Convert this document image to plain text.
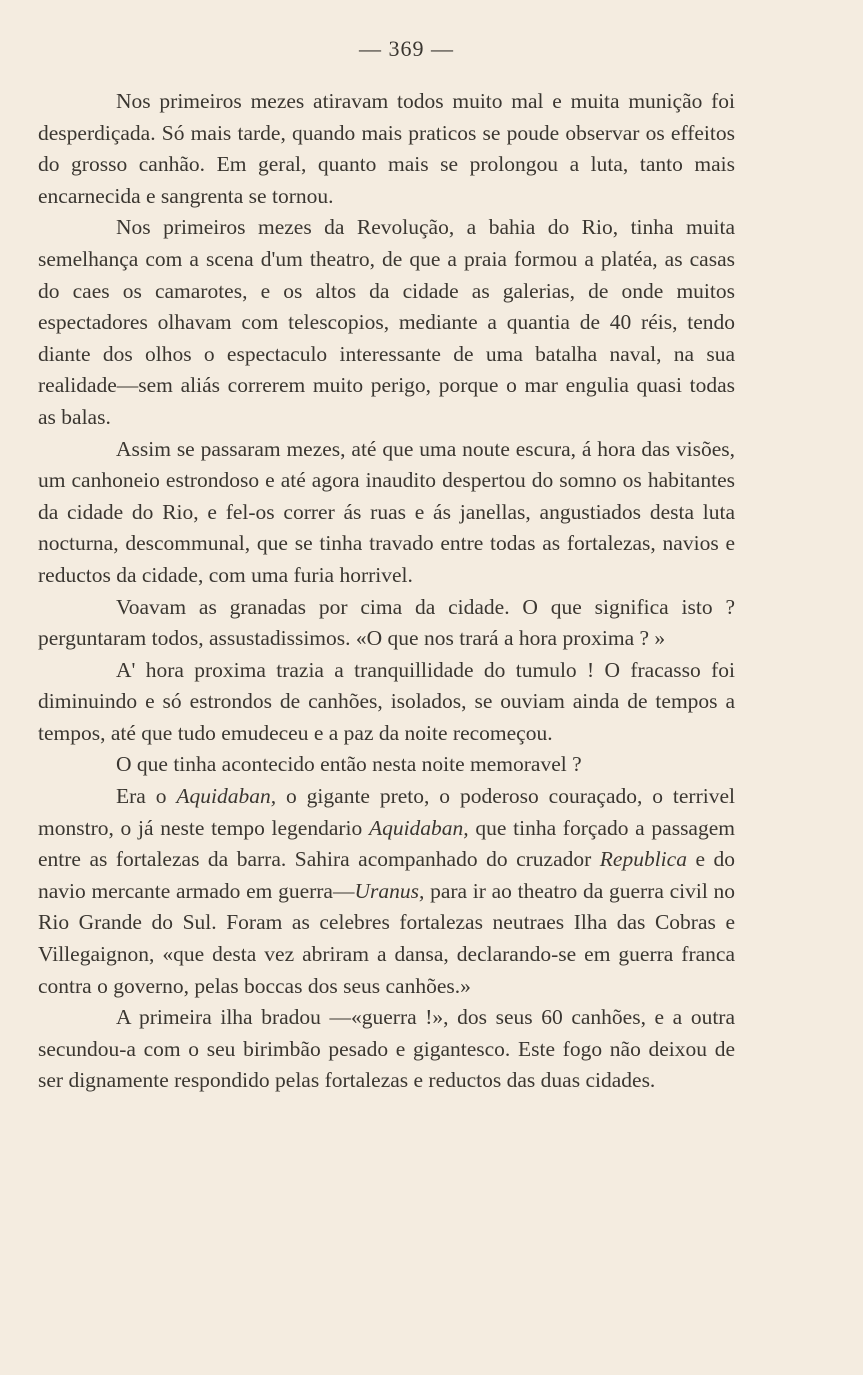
— 369 —

Nos primeiros mezes atiravam todos muito mal e muita munição foi desperdiçada. Só mais tarde, quando mais praticos se poude observar os effeitos do grosso canhão. Em geral, quanto mais se prolongou a luta, tanto mais encarnecida e sangrenta se tornou.

Nos primeiros mezes da Revolução, a bahia do Rio, tinha muita semelhança com a scena d'um theatro, de que a praia formou a platéa, as casas do caes os camarotes, e os altos da cidade as galerias, de onde muitos espectadores olhavam com telescopios, mediante a quantia de 40 réis, tendo diante dos olhos o espectaculo interessante de uma batalha naval, na sua realidade—sem aliás correrem muito perigo, porque o mar engulia quasi todas as balas.

Assim se passaram mezes, até que uma noute escura, á hora das visões, um canhoneio estrondoso e até agora inaudito despertou do somno os habitantes da cidade do Rio, e fel-os correr ás ruas e ás janellas, angustiados desta luta nocturna, descommunal, que se tinha travado entre todas as fortalezas, navios e reductos da cidade, com uma furia horrivel.

Voavam as granadas por cima da cidade. O que significa isto ? perguntaram todos, assustadissimos. «O que nos trará a hora proxima ? »

A' hora proxima trazia a tranquillidade do tumulo ! O fracasso foi diminuindo e só estrondos de canhões, isolados, se ouviam ainda de tempos a tempos, até que tudo emudeceu e a paz da noite recomeçou.

O que tinha acontecido então nesta noite memoravel ?

Era o Aquidaban, o gigante preto, o poderoso couraçado, o terrivel monstro, o já neste tempo legendario Aquidaban, que tinha forçado a passagem entre as fortalezas da barra. Sahira acompanhado do cruzador Republica e do navio mercante armado em guerra—Uranus, para ir ao theatro da guerra civil no Rio Grande do Sul. Foram as celebres fortalezas neutraes Ilha das Cobras e Villegaignon, «que desta vez abriram a dansa, declarando-se em guerra franca contra o governo, pelas boccas dos seus canhões.»

A primeira ilha bradou —«guerra !», dos seus 60 canhões, e a outra secundou-a com o seu birimbão pesado e gigantesco. Este fogo não deixou de ser dignamente respondido pelas fortalezas e reductos das duas cidades.
